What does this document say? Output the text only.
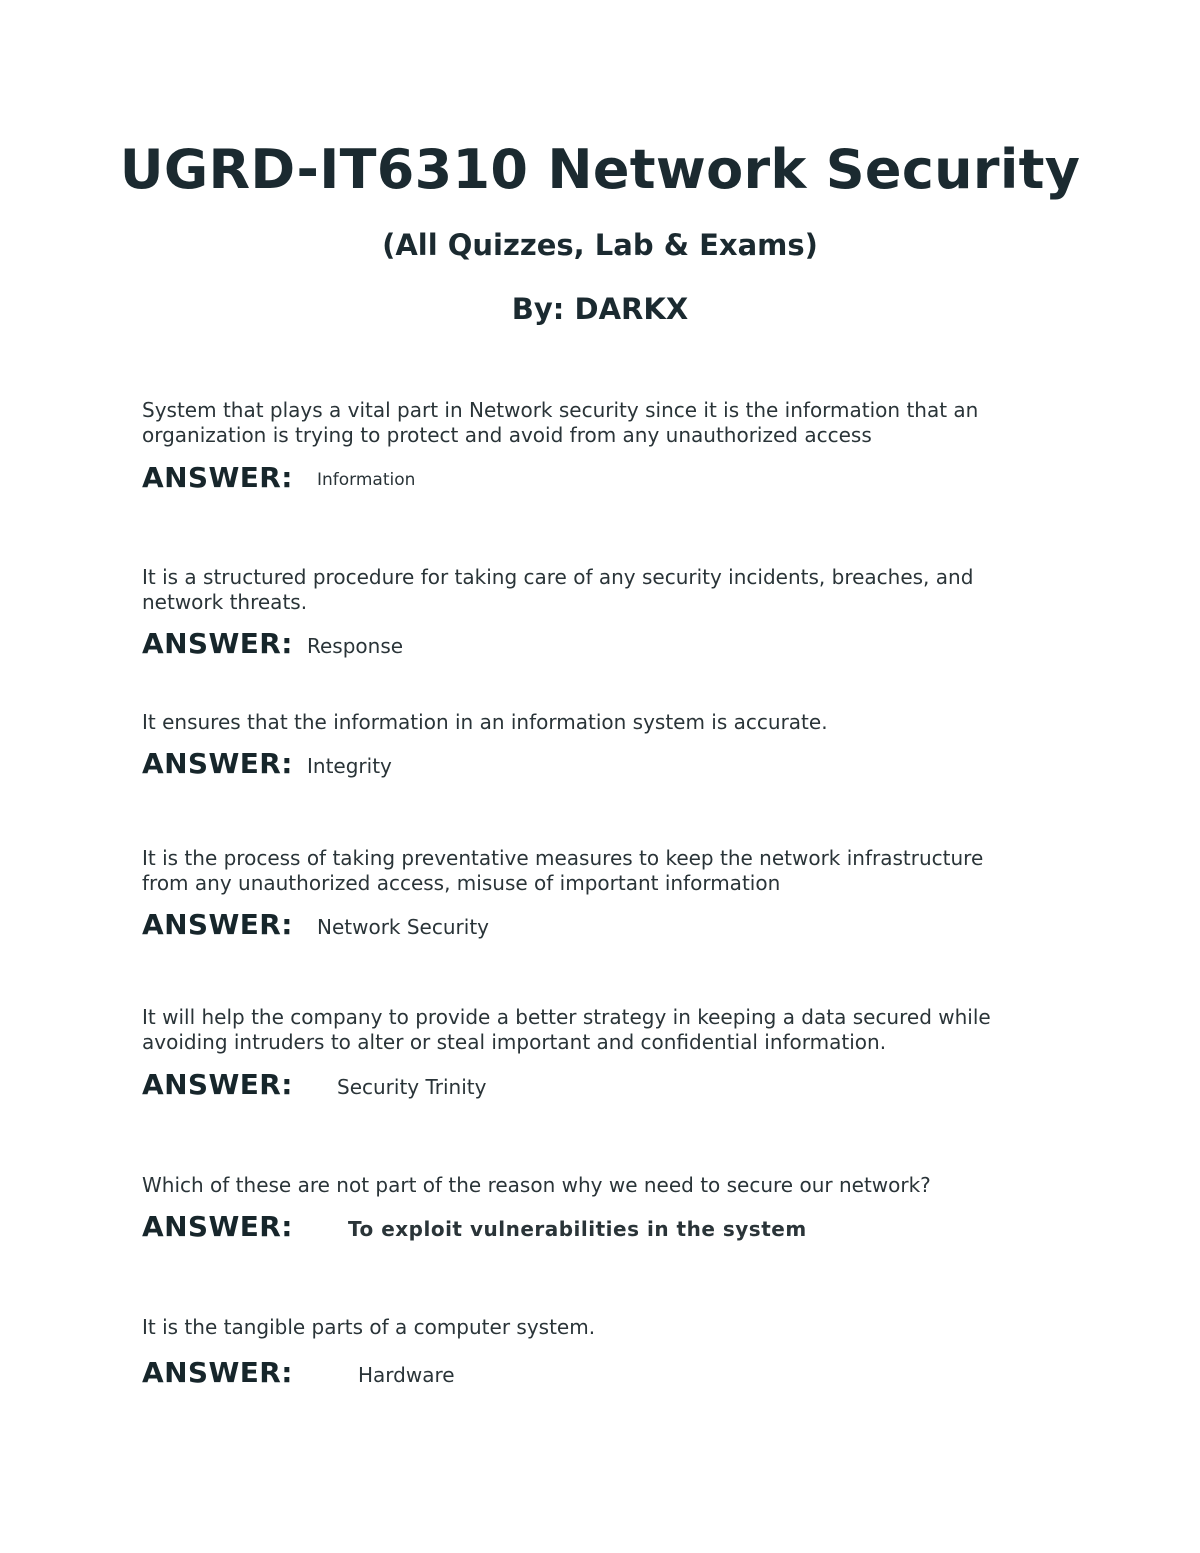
UGRD-IT6310 Network Security
(All Quizzes, Lab & Exams)
By: DARKX
System that plays a vital part in Network security since it is the information that an
organization is trying to protect and avoid from any unauthorized access
ANSWER: Information
It is a structured procedure for taking care of any security incidents, breaches, and
network threats.
ANSWER: Response
It ensures that the information in an information system is accurate.
ANSWER: Integrity
It is the process of taking preventative measures to keep the network infrastructure
from any unauthorized access, misuse of important information
ANSWER: Network Security
It will help the company to provide a better strategy in keeping a data secured while
avoiding intruders to alter or steal important and confidential information.
ANSWER: Security Trinity
Which of these are not part of the reason why we need to secure our network?
ANSWER:	To exploit vulnerabilities in the system
It is the tangible parts of a computer system.
ANSWER:	Hardware
